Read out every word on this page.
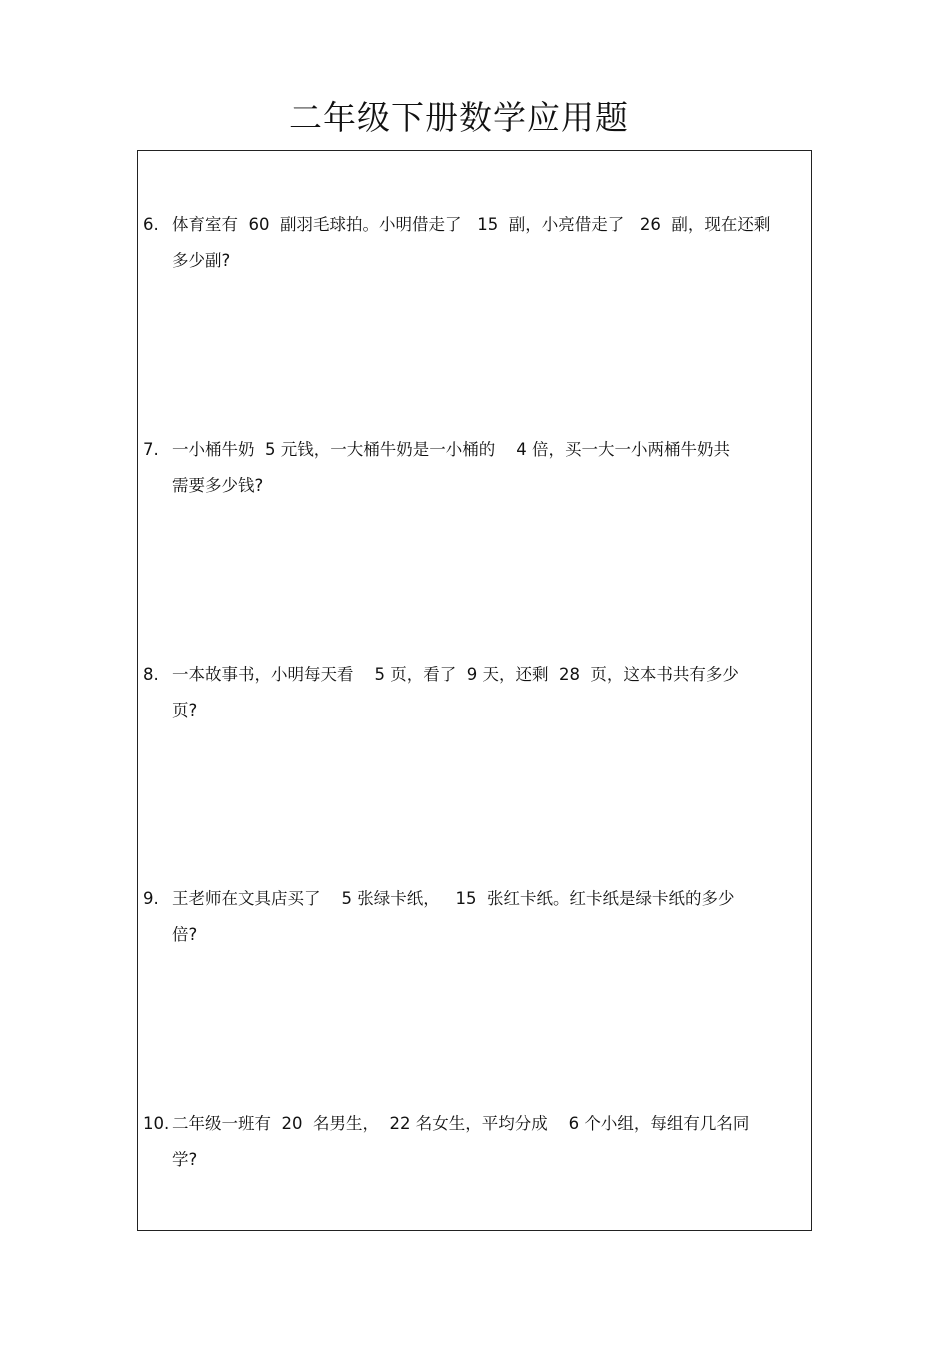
二年级下册数学应用题
6. 体育室有  60  副羽毛球拍。小明借走了   15  副，小亮借走了   26  副，现在还剩
多少副?
7. 一小桶牛奶  5 元钱，一大桶牛奶是一小桶的    4 倍，买一大一小两桶牛奶共
需要多少钱?
8. 一本故事书，小明每天看    5 页，看了  9 天，还剩  28  页，这本书共有多少
页?
9. 王老师在文具店买了    5 张绿卡纸，   15  张红卡纸。红卡纸是绿卡纸的多少
倍?
10. 二年级一班有  20  名男生，  22 名女生，平均分成    6 个小组，每组有几名同
学?
